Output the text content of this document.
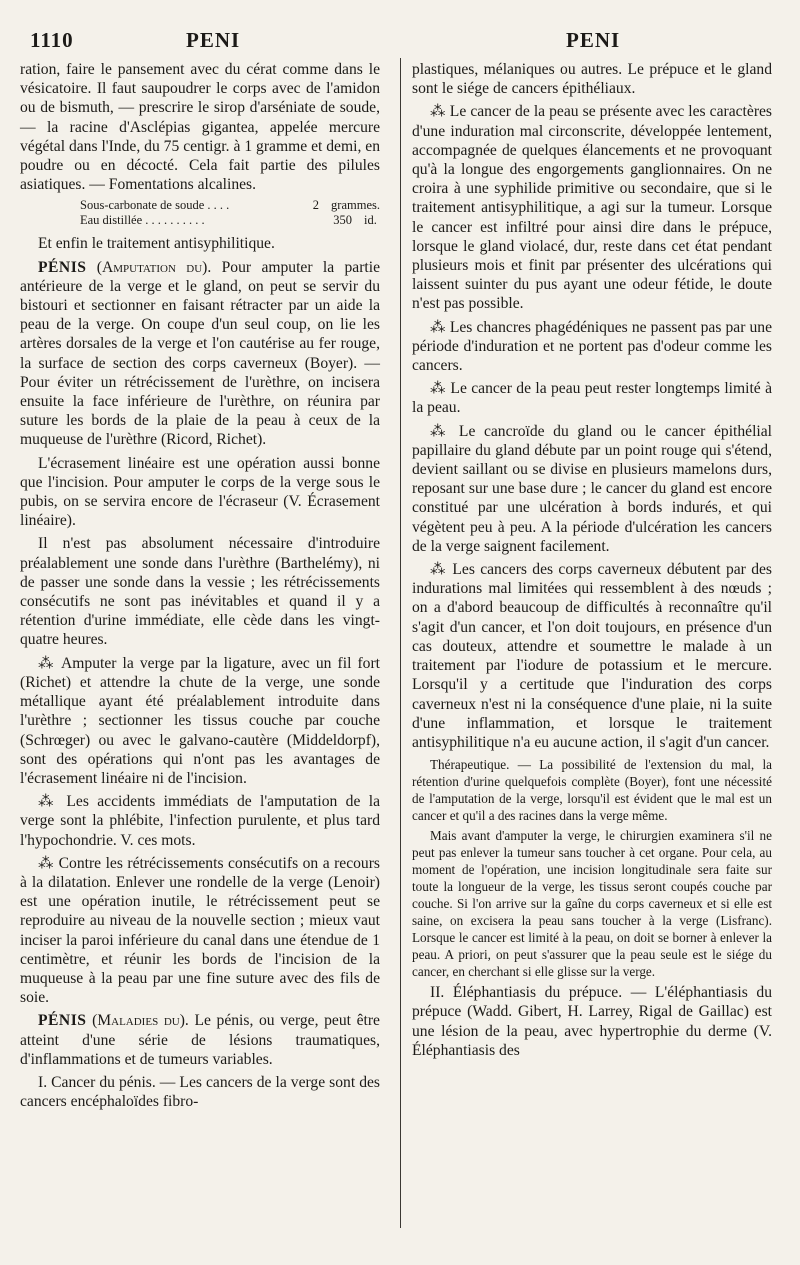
1110	PENI	PENI

ration, faire le pansement avec du cérat comme dans le vésicatoire. Il faut saupoudrer le corps avec de l'amidon ou de bismuth, — prescrire le sirop d'arséniate de soude, — la racine d'Asclépias gigantea, appelée mercure végétal dans l'Inde, du 75 centigr. à 1 gramme et demi, en poudre ou en décocté. Cela fait partie des pilules asiatiques. — Fomentations alcalines.

Sous-carbonate de soude . . . .	2 grammes.
Eau distillée . . . . . . . . . .	350 id.

Et enfin le traitement antisyphilitique.

PÉNIS (Amputation du). Pour amputer la partie antérieure de la verge et le gland, on peut se servir du bistouri et sectionner en faisant rétracter par un aide la peau de la verge. On coupe d'un seul coup, on lie les artères dorsales de la verge et l'on cautérise au fer rouge, la surface de section des corps caverneux (Boyer). — Pour éviter un rétrécissement de l'urèthre, on incisera ensuite la face inférieure de l'urèthre, on réunira par suture les bords de la plaie de la peau à ceux de la muqueuse de l'urèthre (Ricord, Richet).

L'écrasement linéaire est une opération aussi bonne que l'incision. Pour amputer le corps de la verge sous le pubis, on se servira encore de l'écraseur (V. Écrasement linéaire).

Il n'est pas absolument nécessaire d'introduire préalablement une sonde dans l'urèthre (Barthelémy), ni de passer une sonde dans la vessie ; les rétrécissements consécutifs ne sont pas inévitables et quand il y a rétention d'urine immédiate, elle cède dans les vingt-quatre heures.

⁂ Amputer la verge par la ligature, avec un fil fort (Richet) et attendre la chute de la verge, une sonde métallique ayant été préalablement introduite dans l'urèthre ; sectionner les tissus couche par couche (Schrœger) ou avec le galvano-cautère (Middeldorpf), sont des opérations qui n'ont pas les avantages de l'écrasement linéaire ni de l'incision.

⁂ Les accidents immédiats de l'amputation de la verge sont la phlébite, l'infection purulente, et plus tard l'hypochondrie. V. ces mots.

⁂ Contre les rétrécissements consécutifs on a recours à la dilatation. Enlever une rondelle de la verge (Lenoir) est une opération inutile, le rétrécissement peut se reproduire au niveau de la nouvelle section ; mieux vaut inciser la paroi inférieure du canal dans une étendue de 1 centimètre, et réunir les bords de l'incision de la muqueuse à la peau par une fine suture avec des fils de soie.

PÉNIS (Maladies du). Le pénis, ou verge, peut être atteint d'une série de lésions traumatiques, d'inflammations et de tumeurs variables.

I. Cancer du pénis. — Les cancers de la verge sont des cancers encéphaloïdes fibro-

plastiques, mélaniques ou autres. Le prépuce et le gland sont le siége de cancers épithéliaux.

⁂ Le cancer de la peau se présente avec les caractères d'une induration mal circonscrite, développée lentement, accompagnée de quelques élancements et ne provoquant qu'à la longue des engorgements ganglionnaires. On ne croira à une syphilide primitive ou secondaire, que si le traitement antisyphilitique, a agi sur la tumeur. Lorsque le cancer est infiltré pour ainsi dire dans le prépuce, lorsque le gland violacé, dur, reste dans cet état pendant plusieurs mois et finit par présenter des ulcérations qui laissent suinter du pus ayant une odeur fétide, le doute n'est pas possible.

⁂ Les chancres phagédéniques ne passent pas par une période d'induration et ne portent pas d'odeur comme les cancers.

⁂ Le cancer de la peau peut rester longtemps limité à la peau.

⁂ Le cancroïde du gland ou le cancer épithélial papillaire du gland débute par un point rouge qui s'étend, devient saillant ou se divise en plusieurs mamelons durs, reposant sur une base dure ; le cancer du gland est encore constitué par une ulcération à bords indurés, et qui végètent peu à peu. A la période d'ulcération les cancers de la verge saignent facilement.

⁂ Les cancers des corps caverneux débutent par des indurations mal limitées qui ressemblent à des nœuds ; on a d'abord beaucoup de difficultés à reconnaître qu'il s'agit d'un cancer, et l'on doit toujours, en présence d'un cas douteux, attendre et soumettre le malade à un traitement par l'iodure de potassium et le mercure. Lorsqu'il y a certitude que l'induration des corps caverneux n'est ni la conséquence d'une plaie, ni la suite d'une inflammation, et lorsque le traitement antisyphilitique n'a eu aucune action, il s'agit d'un cancer.

Thérapeutique. — La possibilité de l'extension du mal, la rétention d'urine quelquefois complète (Boyer), font une nécessité de l'amputation de la verge, lorsqu'il est évident que le mal est un cancer et qu'il a des racines dans la verge même.

Mais avant d'amputer la verge, le chirurgien examinera s'il ne peut pas enlever la tumeur sans toucher à cet organe. Pour cela, au moment de l'opération, une incision longitudinale sera faite sur toute la longueur de la verge, les tissus seront coupés couche par couche. Si l'on arrive sur la gaîne du corps caverneux et si elle est saine, on excisera la peau sans toucher à la verge (Lisfranc). Lorsque le cancer est limité à la peau, on doit se borner à enlever la peau. A priori, on peut s'assurer que la peau seule est le siége du cancer, en cherchant si elle glisse sur la verge.

II. Éléphantiasis du prépuce. — L'éléphantiasis du prépuce (Wadd. Gibert, H. Larrey, Rigal de Gaillac) est une lésion de la peau, avec hypertrophie du derme (V. Éléphantiasis des
